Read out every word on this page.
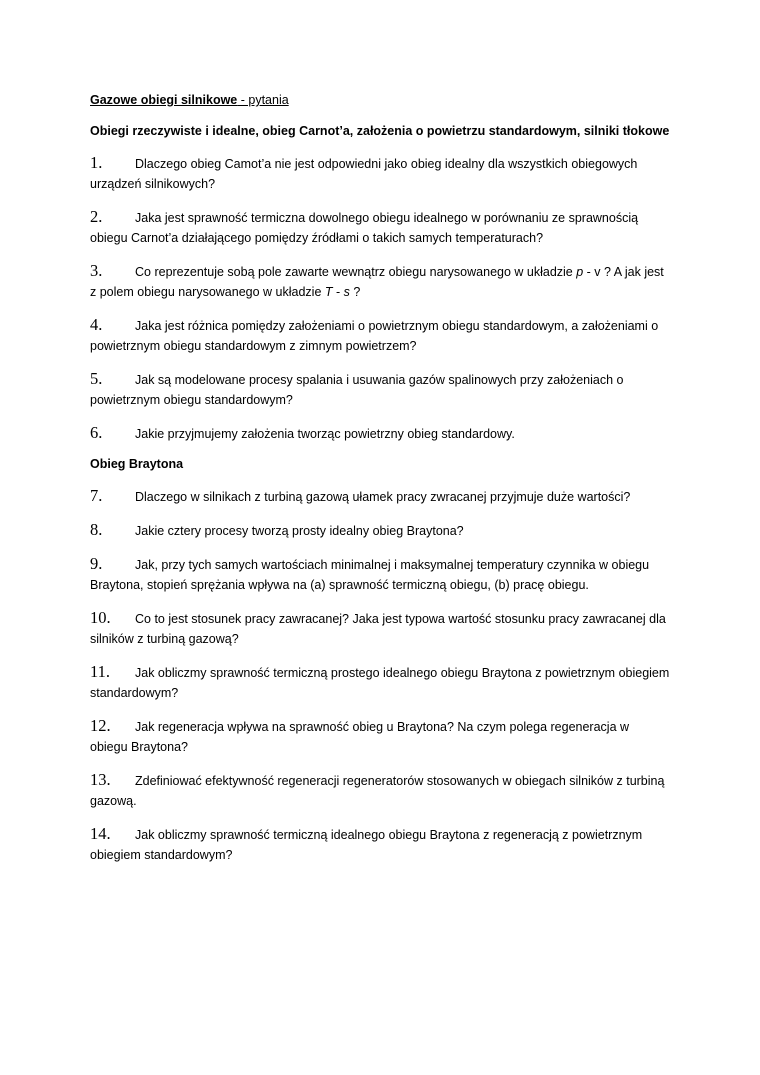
Gazowe obiegi silnikowe - pytania

Obiegi rzeczywiste i idealne, obieg Carnot’a, założenia o powietrzu standardowym, silniki tłokowe

1.	Dlaczego obieg Camot’a nie jest odpowiedni jako obieg idealny dla wszystkich obiegowych urządzeń silnikowych?

2.	Jaka jest sprawność termiczna dowolnego obiegu idealnego w porównaniu ze sprawnością obiegu Carnot’a działającego pomiędzy źródłami o takich samych temperaturach?

3.	Co reprezentuje sobą pole zawarte wewnątrz obiegu narysowanego w układzie p - v ? A jak jest z polem obiegu narysowanego w układzie T - s ?

4.	Jaka jest różnica pomiędzy założeniami o powietrznym obiegu standardowym, a założeniami o powietrznym obiegu standardowym z zimnym powietrzem?

5.	Jak są modelowane procesy spalania i usuwania gazów spalinowych przy założeniach o powietrznym obiegu standardowym?

6.	Jakie przyjmujemy założenia tworząc powietrzny obieg standardowy.

Obieg Braytona

7.	Dlaczego w silnikach z turbiną gazową ułamek pracy zwracanej przyjmuje duże wartości?

8.	Jakie cztery procesy tworzą prosty idealny obieg Braytona?

9.	Jak, przy tych samych wartościach minimalnej i maksymalnej temperatury czynnika w obiegu Braytona, stopień sprężania wpływa na (a) sprawność termiczną obiegu, (b) pracę obiegu.

10. Co to jest stosunek pracy zawracanej? Jaka jest typowa wartość stosunku pracy zawracanej dla silników z turbiną gazową?

11. Jak obliczmy sprawność termiczną prostego idealnego obiegu Braytona z powietrznym obiegiem standardowym?

12. Jak regeneracja wpływa na sprawność obieg u Braytona? Na czym polega regeneracja w obiegu Braytona?

13. Zdefiniować efektywność regeneracji regeneratorów stosowanych w obiegach silników z turbiną gazową.

14. Jak obliczmy sprawność termiczną idealnego obiegu Braytona z regeneracją z powietrznym obiegiem standardowym?
